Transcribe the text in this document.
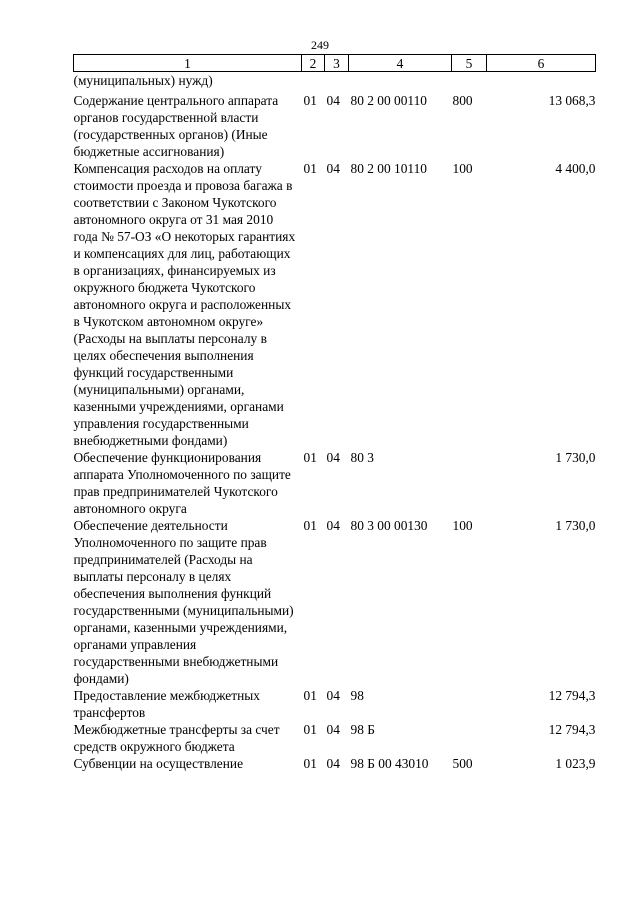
249
1	2	3	4	5	6
(муниципальных) нужд)					
Содержание центрального аппарата органов государственной власти (государственных органов) (Иные бюджетные ассигнования)	01	04	80 2 00 00110	800	13 068,3
Компенсация расходов на оплату стоимости проезда и провоза багажа в соответствии с Законом Чукотского автономного округа от 31 мая 2010 года № 57-ОЗ «О некоторых гарантиях и компенсациях для лиц, работающих в организациях, финансируемых из окружного бюджета Чукотского автономного округа и расположенных в Чукотском автономном округе» (Расходы на выплаты персоналу в целях обеспечения выполнения функций государственными (муниципальными) органами, казенными учреждениями, органами управления государственными внебюджетными фондами)	01	04	80 2 00 10110	100	4 400,0
Обеспечение функционирования аппарата Уполномоченного по защите прав предпринимателей Чукотского автономного округа	01	04	80 3		1 730,0
Обеспечение деятельности Уполномоченного по защите прав предпринимателей (Расходы на выплаты персоналу в целях обеспечения выполнения функций государственными (муниципальными) органами, казенными учреждениями, органами управления государственными внебюджетными фондами)	01	04	80 3 00 00130	100	1 730,0
Предоставление межбюджетных трансфертов	01	04	98		12 794,3
Межбюджетные трансферты за счет средств окружного бюджета	01	04	98 Б		12 794,3
Субвенции на осуществление	01	04	98 Б 00 43010	500	1 023,9
